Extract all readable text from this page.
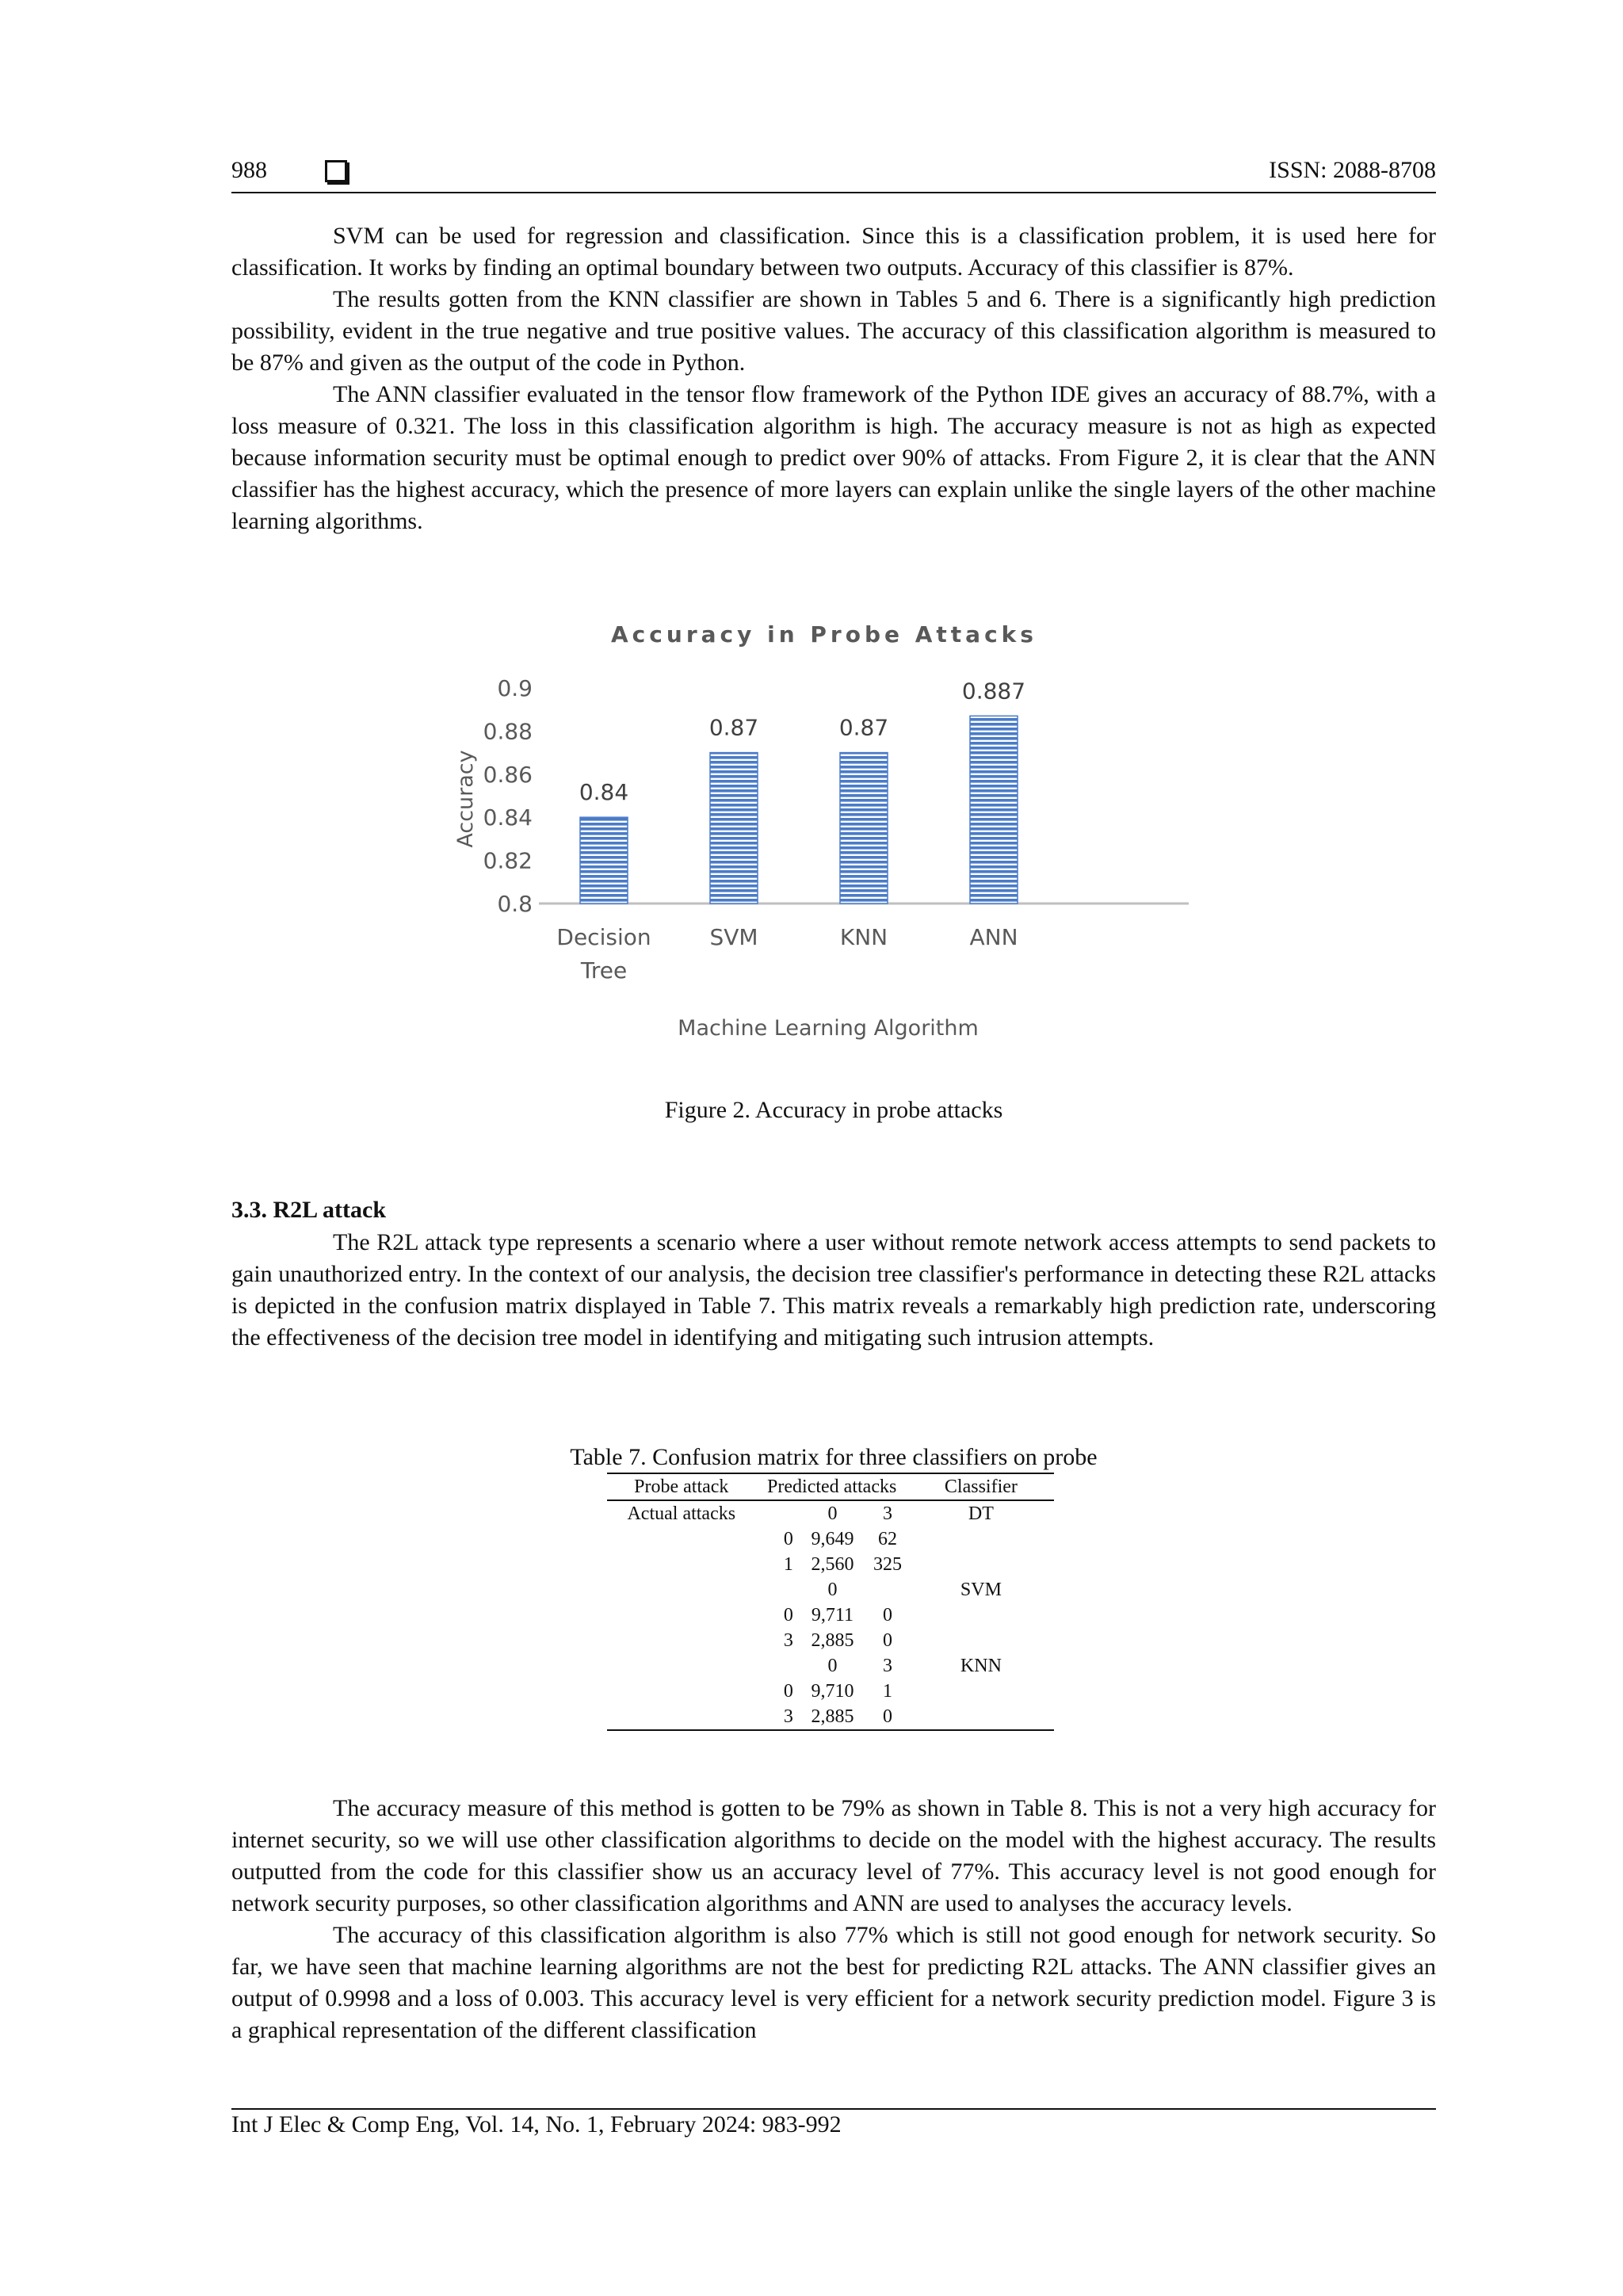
988	ISSN: 2088-8708

SVM can be used for regression and classification. Since this is a classification problem, it is used here for classification. It works by finding an optimal boundary between two outputs. Accuracy of this classifier is 87%.

The results gotten from the KNN classifier are shown in Tables 5 and 6. There is a significantly high prediction possibility, evident in the true negative and true positive values. The accuracy of this classification algorithm is measured to be 87% and given as the output of the code in Python.

The ANN classifier evaluated in the tensor flow framework of the Python IDE gives an accuracy of 88.7%, with a loss measure of 0.321. The loss in this classification algorithm is high. The accuracy measure is not as high as expected because information security must be optimal enough to predict over 90% of attacks. From Figure 2, it is clear that the ANN classifier has the highest accuracy, which the presence of more layers can explain unlike the single layers of the other machine learning algorithms.

Accuracy in Probe Attacks
Accuracy
Machine Learning Algorithm
0.8
0.82
0.84
0.86
0.88
0.9
0.84
Decision
Tree
0.87
SVM
0.87
KNN
0.887
ANN
Figure 2. Accuracy in probe attacks
3.3. R2L attack

The R2L attack type represents a scenario where a user without remote network access attempts to send packets to gain unauthorized entry. In the context of our analysis, the decision tree classifier's performance in detecting these R2L attacks is depicted in the confusion matrix displayed in Table 7. This matrix reveals a remarkably high prediction rate, underscoring the effectiveness of the decision tree model in identifying and mitigating such intrusion attempts.

Table 7. Confusion matrix for three classifiers on probe
Probe attack	Predicted attacks			Classifier
Actual attacks		0	3	DT
	0	9,649	62	
	1	2,560	325	
		0		SVM
	0	9,711	0	
	3	2,885	0	
		0	3	KNN
	0	9,710	1	
	3	2,885	0	

The accuracy measure of this method is gotten to be 79% as shown in Table 8. This is not a very high accuracy for internet security, so we will use other classification algorithms to decide on the model with the highest accuracy. The results outputted from the code for this classifier show us an accuracy level of 77%. This accuracy level is not good enough for network security purposes, so other classification algorithms and ANN are used to analyses the accuracy levels.

The accuracy of this classification algorithm is also 77% which is still not good enough for network security. So far, we have seen that machine learning algorithms are not the best for predicting R2L attacks. The ANN classifier gives an output of 0.9998 and a loss of 0.003. This accuracy level is very efficient for a network security prediction model. Figure 3 is a graphical representation of the different classification

Int J Elec & Comp Eng, Vol. 14, No. 1, February 2024: 983-992
